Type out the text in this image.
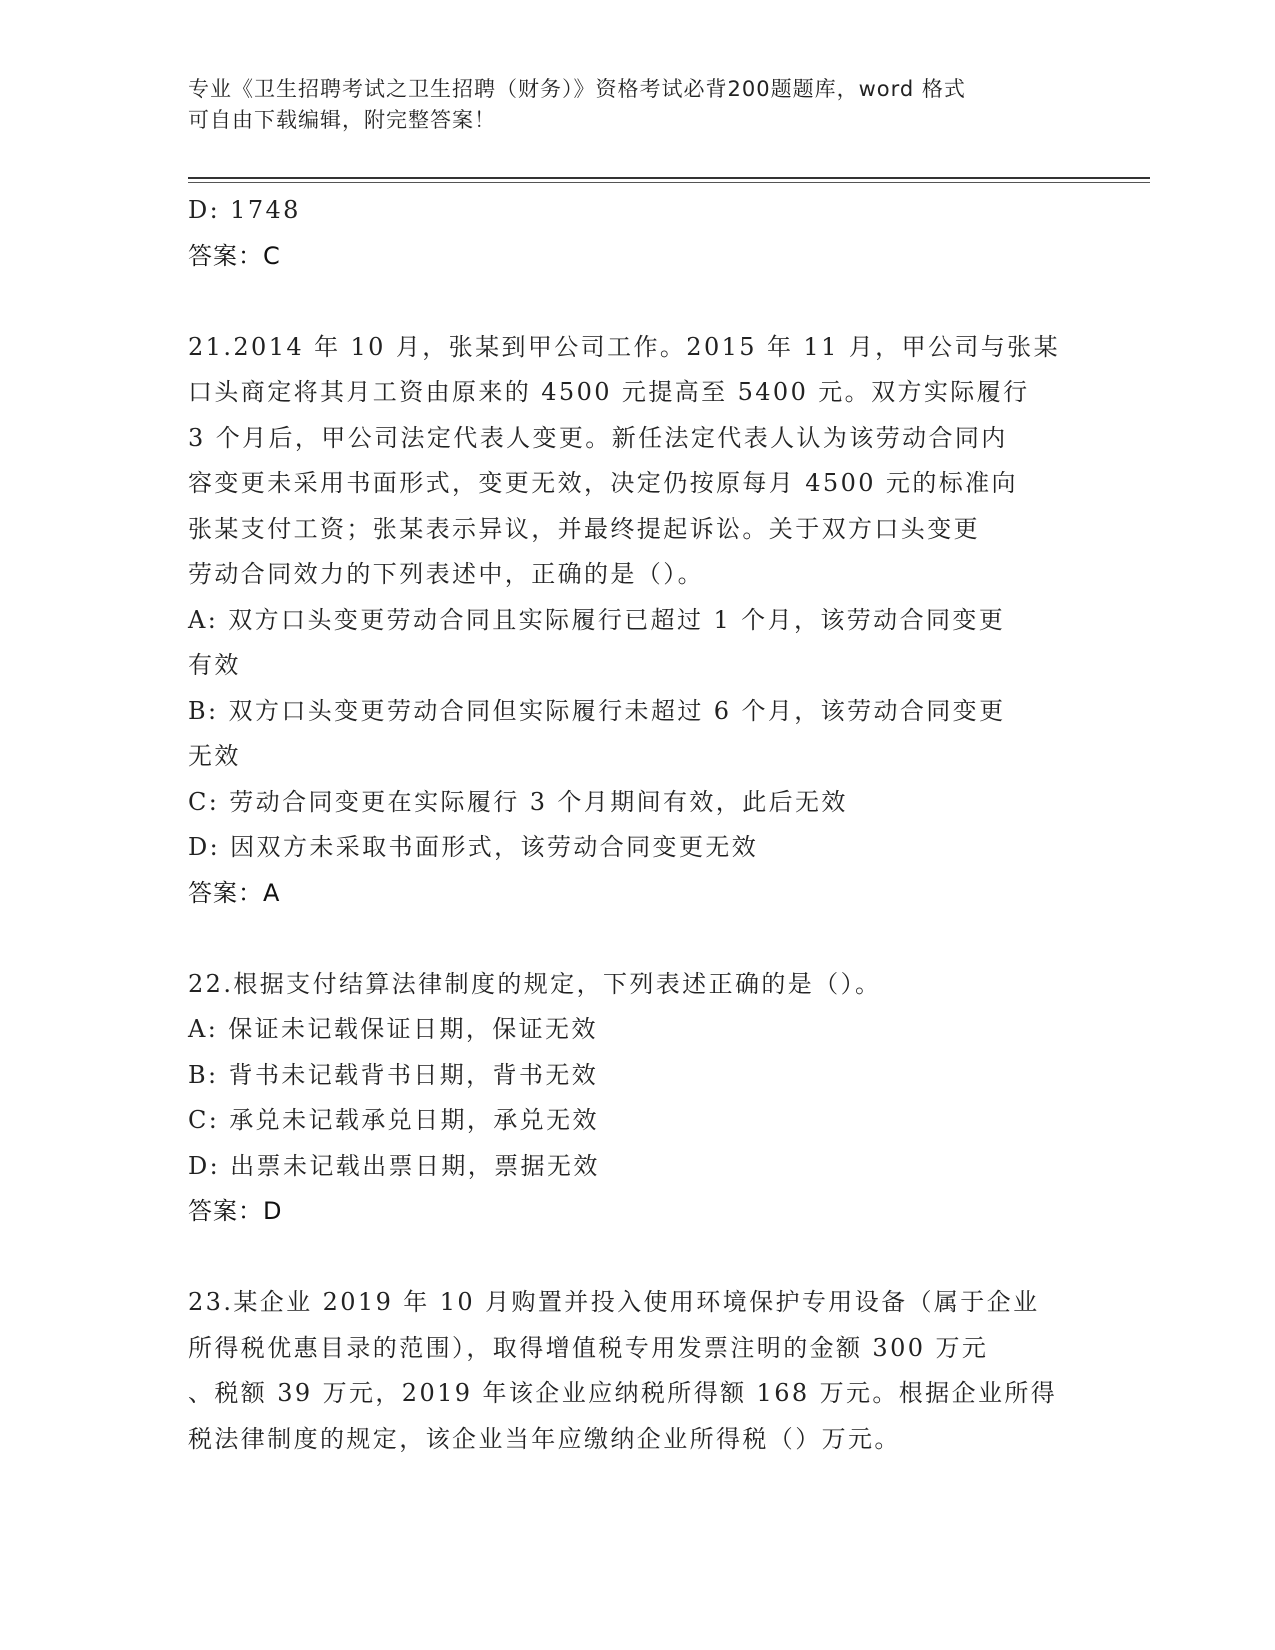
专业《卫生招聘考试之卫生招聘（财务）》资格考试必背200题题库，word 格式
可自由下载编辑，附完整答案！
D: 1748
答案：C
21.2014 年 10 月，张某到甲公司工作。2015 年 11 月，甲公司与张某
口头商定将其月工资由原来的 4500 元提高至 5400 元。双方实际履行
3 个月后，甲公司法定代表人变更。新任法定代表人认为该劳动合同内
容变更未采用书面形式，变更无效，决定仍按原每月 4500 元的标准向
张某支付工资；张某表示异议，并最终提起诉讼。关于双方口头变更
劳动合同效力的下列表述中，正确的是（）。
A: 双方口头变更劳动合同且实际履行已超过 1 个月，该劳动合同变更
有效
B: 双方口头变更劳动合同但实际履行未超过 6 个月，该劳动合同变更
无效
C: 劳动合同变更在实际履行 3 个月期间有效，此后无效
D: 因双方未采取书面形式，该劳动合同变更无效
答案：A
22.根据支付结算法律制度的规定，下列表述正确的是（）。
A: 保证未记载保证日期，保证无效
B: 背书未记载背书日期，背书无效
C: 承兑未记载承兑日期，承兑无效
D: 出票未记载出票日期，票据无效
答案：D
23.某企业 2019 年 10 月购置并投入使用环境保护专用设备（属于企业
所得税优惠目录的范围），取得增值税专用发票注明的金额 300 万元
、税额 39 万元，2019 年该企业应纳税所得额 168 万元。根据企业所得
税法律制度的规定，该企业当年应缴纳企业所得税（）万元。
